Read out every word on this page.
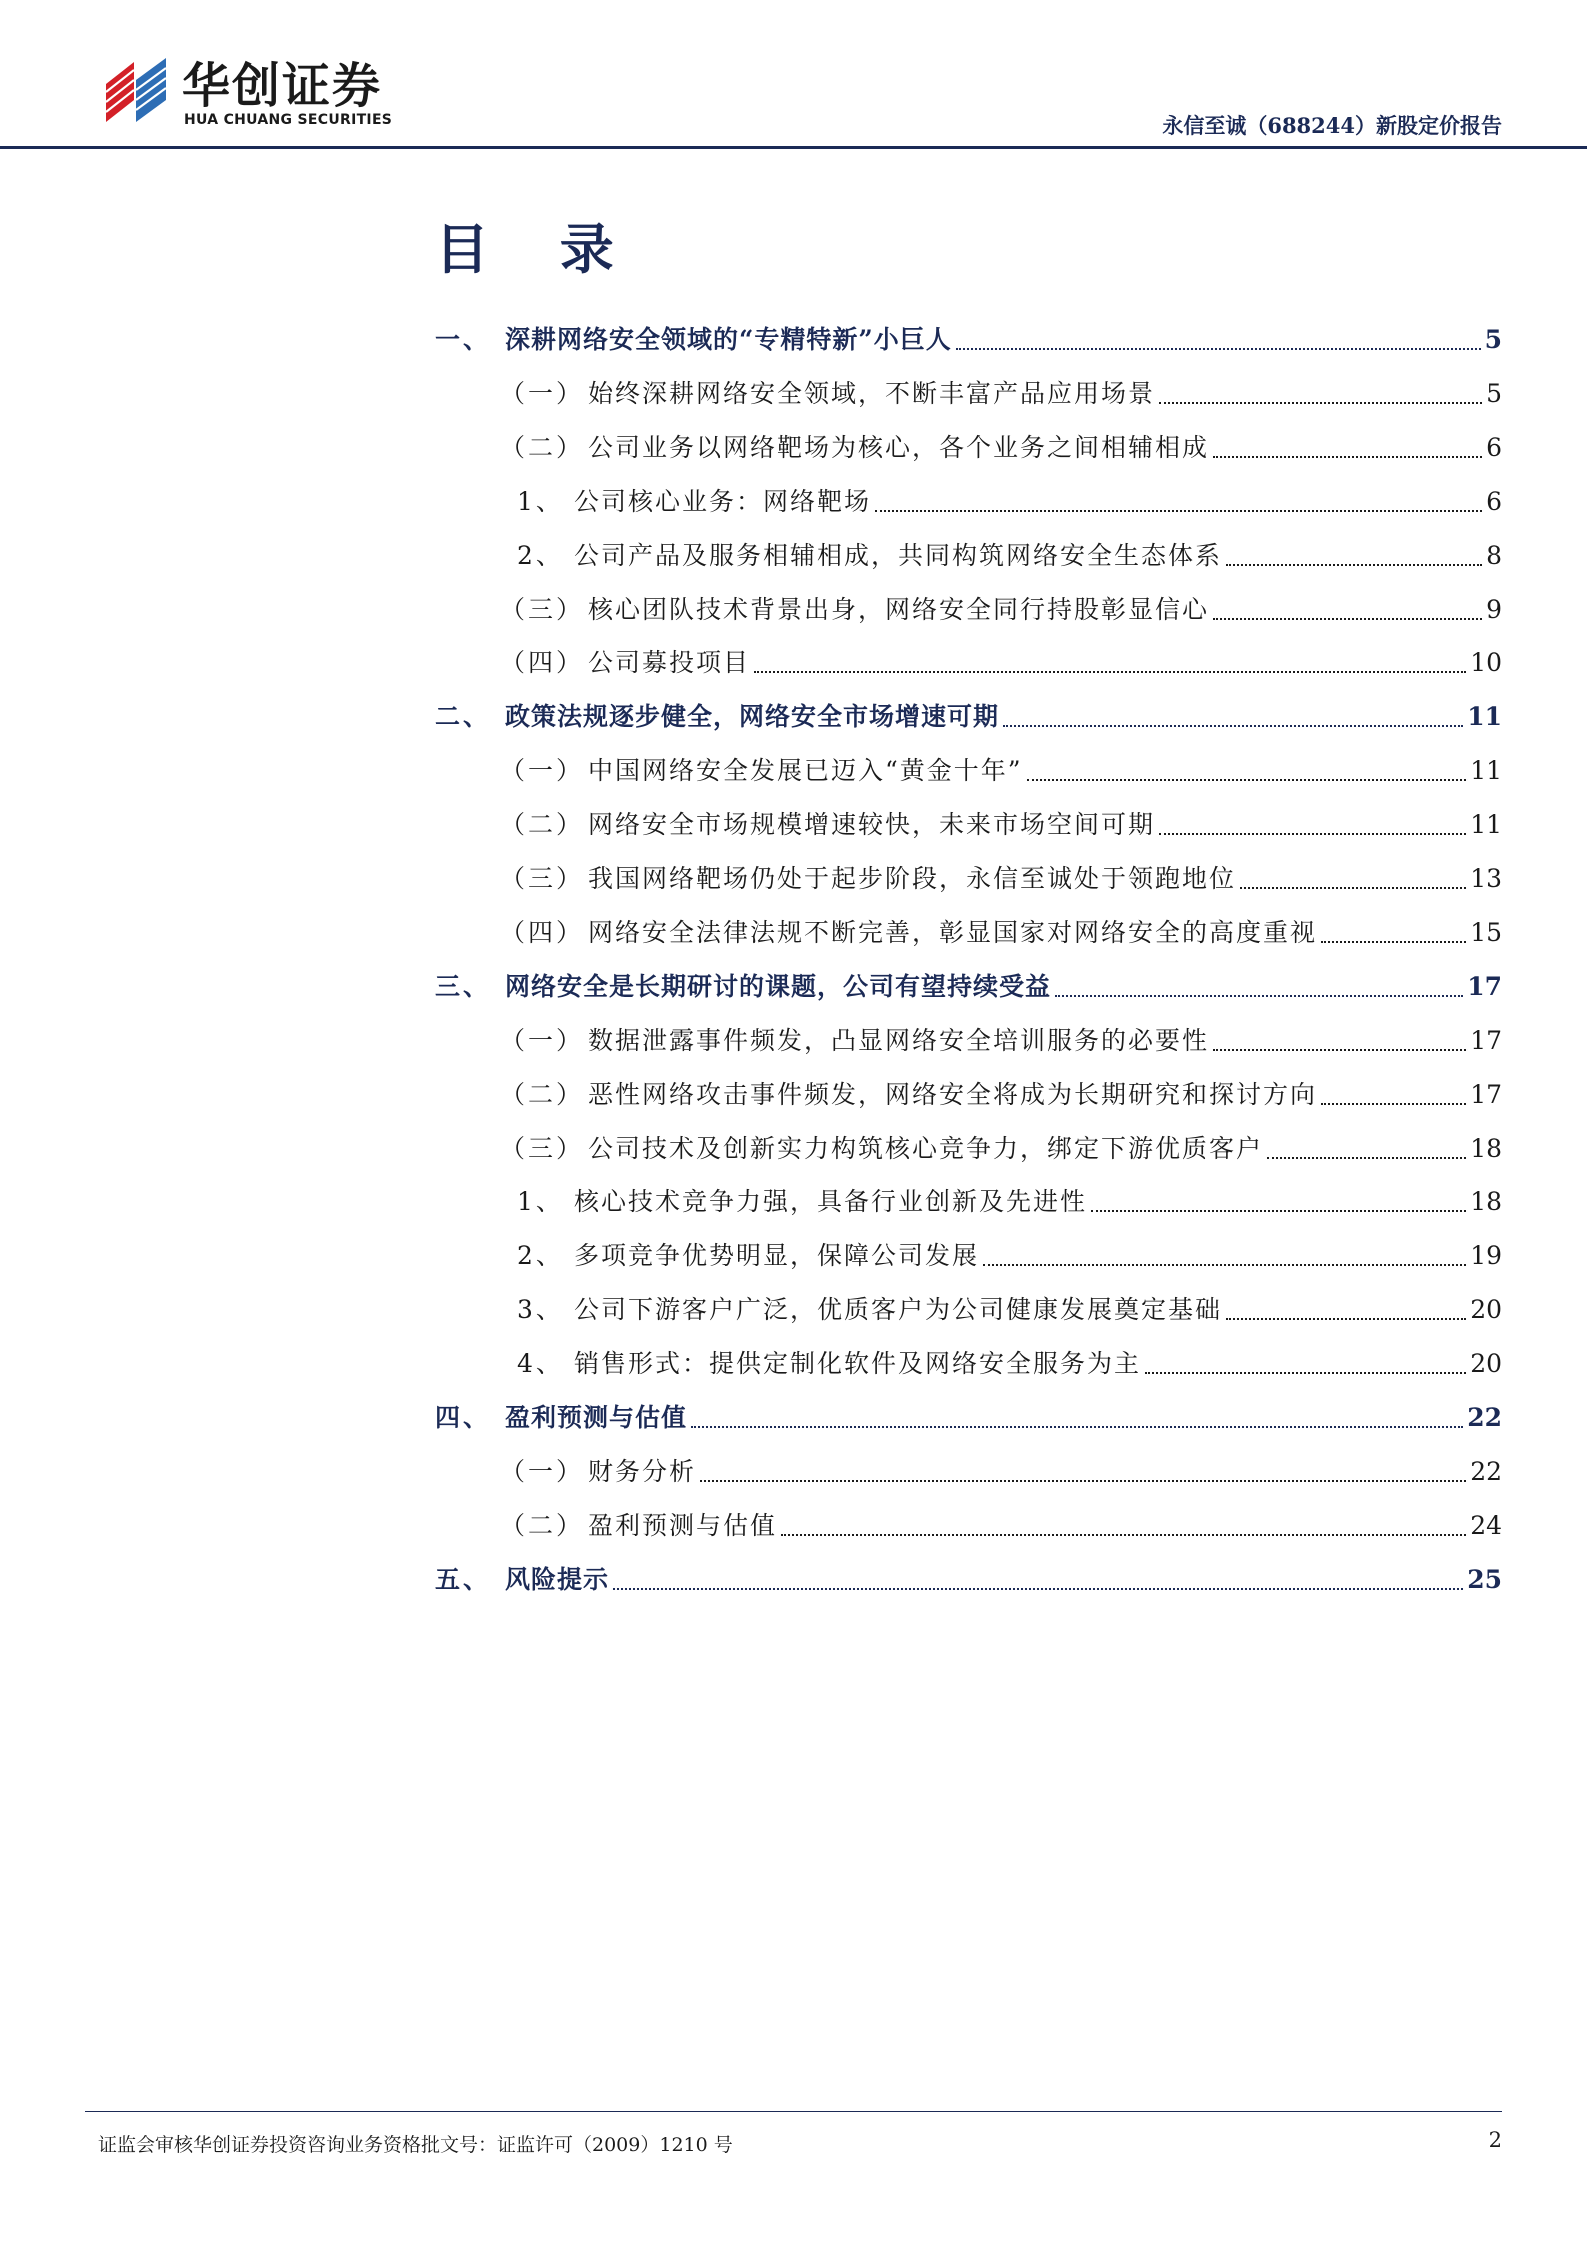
华创证券
HUA CHUANG SECURITIES	永信至诚（688244）新股定价报告
目 录
一、 深耕网络安全领域的“专精特新”小巨人	5
（一） 始终深耕网络安全领域，不断丰富产品应用场景	5
（二） 公司业务以网络靶场为核心，各个业务之间相辅相成	6
1、 公司核心业务：网络靶场	6
2、 公司产品及服务相辅相成，共同构筑网络安全生态体系	8
（三） 核心团队技术背景出身，网络安全同行持股彰显信心	9
（四） 公司募投项目	10
二、 政策法规逐步健全，网络安全市场增速可期	11
（一） 中国网络安全发展已迈入“黄金十年”	11
（二） 网络安全市场规模增速较快，未来市场空间可期	11
（三） 我国网络靶场仍处于起步阶段，永信至诚处于领跑地位	13
（四） 网络安全法律法规不断完善，彰显国家对网络安全的高度重视	15
三、 网络安全是长期研讨的课题，公司有望持续受益	17
（一） 数据泄露事件频发，凸显网络安全培训服务的必要性	17
（二） 恶性网络攻击事件频发，网络安全将成为长期研究和探讨方向	17
（三） 公司技术及创新实力构筑核心竞争力，绑定下游优质客户	18
1、 核心技术竞争力强，具备行业创新及先进性	18
2、 多项竞争优势明显，保障公司发展	19
3、 公司下游客户广泛，优质客户为公司健康发展奠定基础	20
4、 销售形式：提供定制化软件及网络安全服务为主	20
四、 盈利预测与估值	22
（一） 财务分析	22
（二） 盈利预测与估值	24
五、 风险提示	25
证监会审核华创证券投资咨询业务资格批文号：证监许可（2009）1210 号	2
